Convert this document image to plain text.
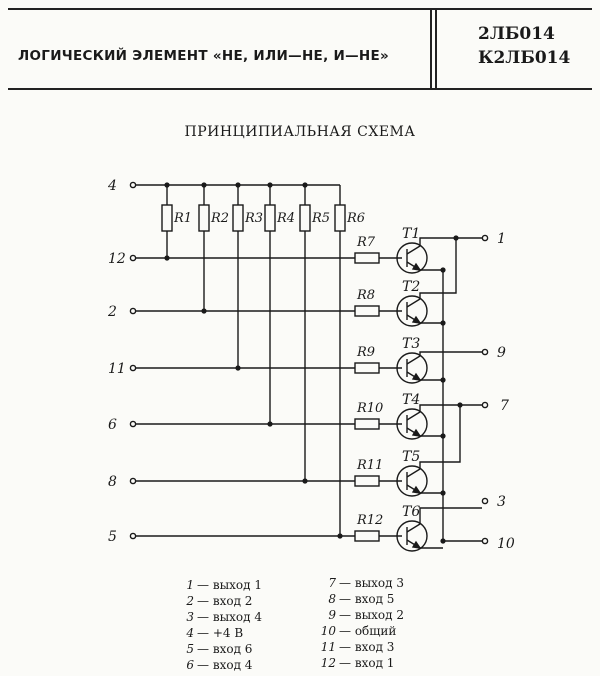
ЛОГИЧЕСКИЙ ЭЛЕМЕНТ «НЕ, ИЛИ—НЕ, И—НЕ»
2ЛБ014
К2ЛБ014
ПРИНЦИПИАЛЬНАЯ СХЕМА
4
R1 R2 R3 R4 R5 R6
12
R7
T1
2
R8
T2
11
R9
T3
6
R10
T4
8
R11
T5
5
R12
T6
1
9
7
3
10
1 — выход 1
2 — вход 2
3 — выход 4
4 — +4 В
5 — вход 6
6 — вход 4
7 — выход 3
8 — вход 5
9 — выход 2
10 — общий
11 — вход 3
12 — вход 1
